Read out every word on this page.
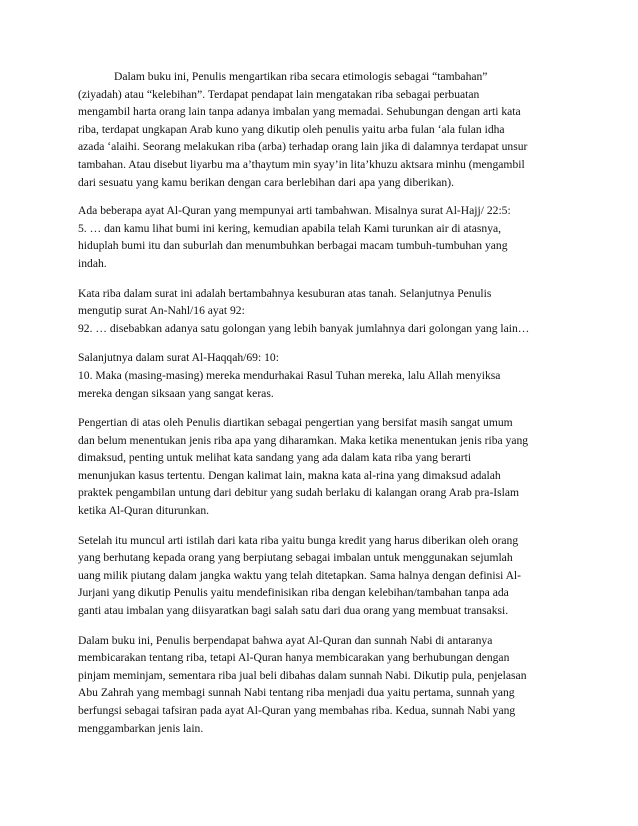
Dalam buku ini, Penulis mengartikan riba secara etimologis sebagai “tambahan”
(ziyadah) atau “kelebihan”. Terdapat pendapat lain mengatakan riba sebagai perbuatan
mengambil harta orang lain tanpa adanya imbalan yang memadai. Sehubungan dengan arti kata
riba, terdapat ungkapan Arab kuno yang dikutip oleh penulis yaitu arba fulan ‘ala fulan idha
azada ‘alaihi. Seorang melakukan riba (arba) terhadap orang lain jika di dalamnya terdapat unsur
tambahan. Atau disebut liyarbu ma a’thaytum min syay’in lita’khuzu aktsara minhu (mengambil
dari sesuatu yang kamu berikan dengan cara berlebihan dari apa yang diberikan).
Ada beberapa ayat Al-Quran yang mempunyai arti tambahwan. Misalnya surat Al-Hajj/ 22:5:
5. … dan kamu lihat bumi ini kering, kemudian apabila telah Kami turunkan air di atasnya,
hiduplah bumi itu dan suburlah dan menumbuhkan berbagai macam tumbuh-tumbuhan yang
indah.
Kata riba dalam surat ini adalah bertambahnya kesuburan atas tanah. Selanjutnya Penulis
mengutip surat An-Nahl/16 ayat 92:
92. … disebabkan adanya satu golongan yang lebih banyak jumlahnya dari golongan yang lain…
Salanjutnya dalam surat Al-Haqqah/69: 10:
10. Maka (masing-masing) mereka mendurhakai Rasul Tuhan mereka, lalu Allah menyiksa
mereka dengan siksaan yang sangat keras.
Pengertian di atas oleh Penulis diartikan sebagai pengertian yang bersifat masih sangat umum
dan belum menentukan jenis riba apa yang diharamkan. Maka ketika menentukan jenis riba yang
dimaksud, penting untuk melihat kata sandang yang ada dalam kata riba yang berarti
menunjukan kasus tertentu. Dengan kalimat lain, makna kata al-rina yang dimaksud adalah
praktek pengambilan untung dari debitur yang sudah berlaku di kalangan orang Arab pra-Islam
ketika Al-Quran diturunkan.
Setelah itu muncul arti istilah dari kata riba yaitu bunga kredit yang harus diberikan oleh orang
yang berhutang kepada orang yang berpiutang sebagai imbalan untuk menggunakan sejumlah
uang milik piutang dalam jangka waktu yang telah ditetapkan. Sama halnya dengan definisi Al-
Jurjani yang dikutip Penulis yaitu mendefinisikan riba dengan kelebihan/tambahan tanpa ada
ganti atau imbalan yang diisyaratkan bagi salah satu dari dua orang yang membuat transaksi.
Dalam buku ini, Penulis berpendapat bahwa ayat Al-Quran dan sunnah Nabi di antaranya
membicarakan tentang riba, tetapi Al-Quran hanya membicarakan yang berhubungan dengan
pinjam meminjam, sementara riba jual beli dibahas dalam sunnah Nabi. Dikutip pula, penjelasan
Abu Zahrah yang membagi sunnah Nabi tentang riba menjadi dua yaitu pertama, sunnah yang
berfungsi sebagai tafsiran pada ayat Al-Quran yang membahas riba. Kedua, sunnah Nabi yang
menggambarkan jenis lain.
